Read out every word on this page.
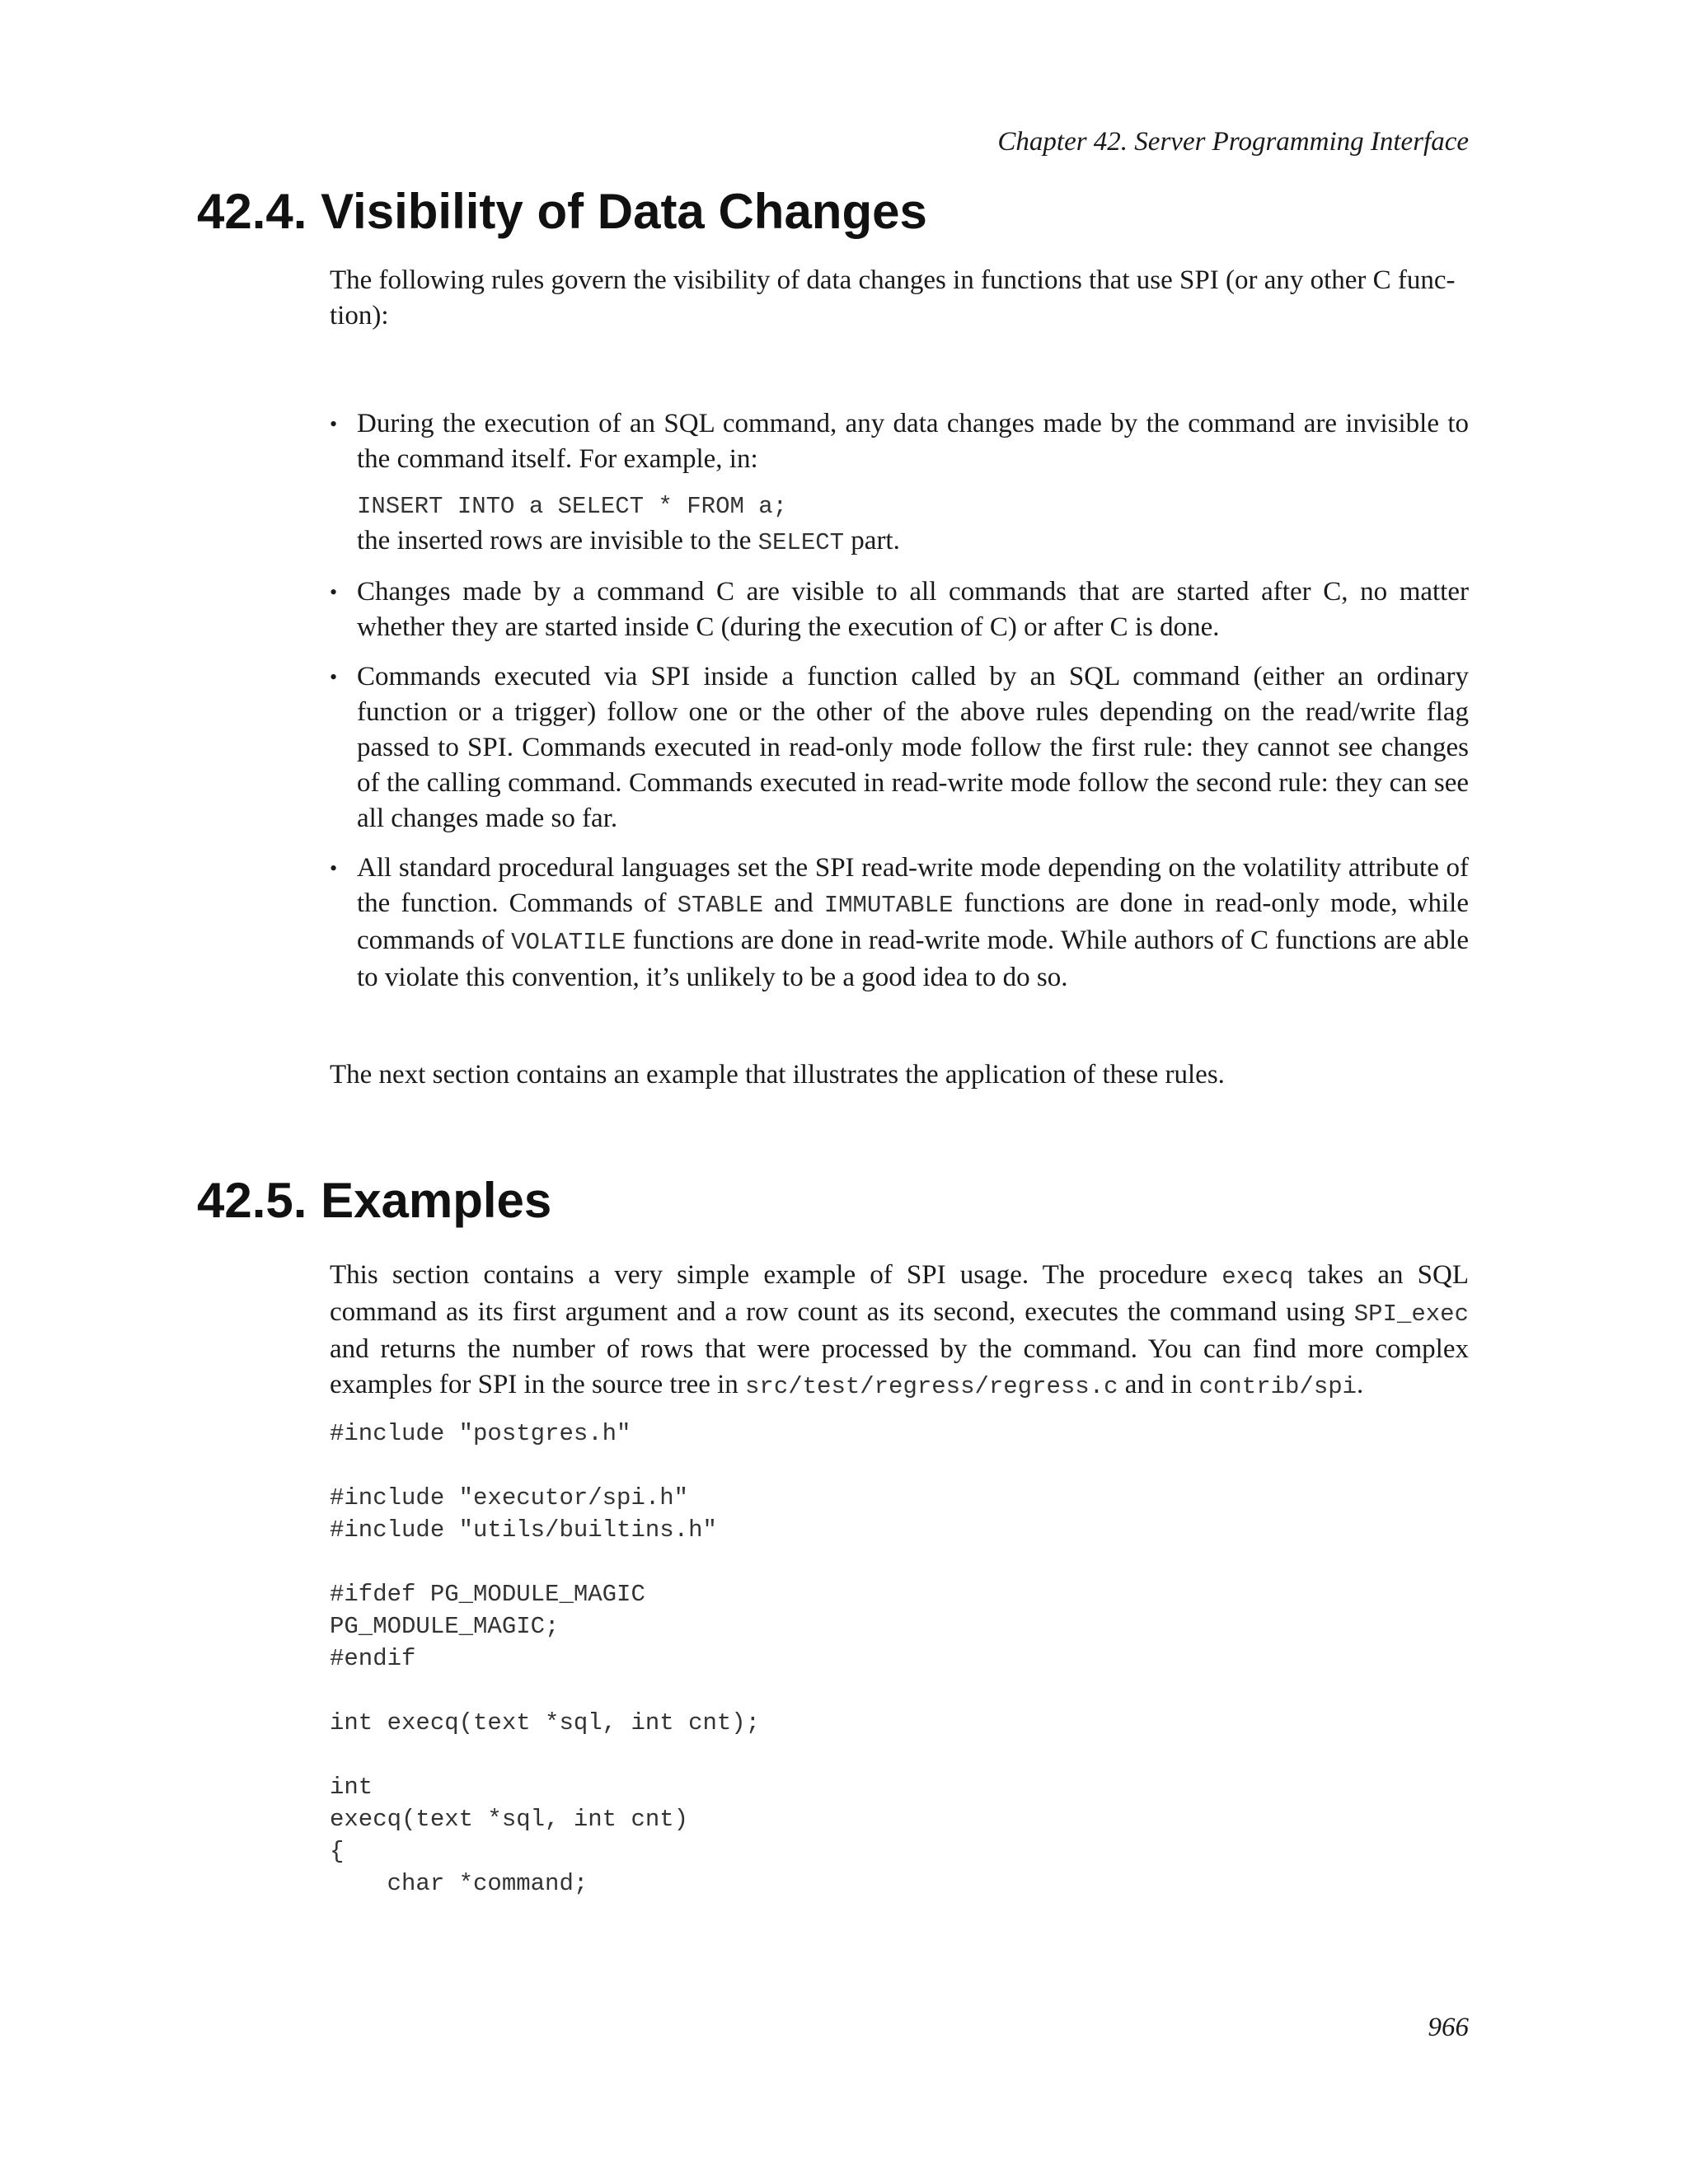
Chapter 42. Server Programming Interface
42.4. Visibility of Data Changes

The following rules govern the visibility of data changes in functions that use SPI (or any other C func-
tion):

• During the execution of an SQL command, any data changes made by the command are invisible to the command itself. For example, in:
INSERT INTO a SELECT * FROM a;
the inserted rows are invisible to the SELECT part.
• Changes made by a command C are visible to all commands that are started after C, no matter whether they are started inside C (during the execution of C) or after C is done.
• Commands executed via SPI inside a function called by an SQL command (either an ordinary function or a trigger) follow one or the other of the above rules depending on the read/write flag passed to SPI. Commands executed in read-only mode follow the first rule: they cannot see changes of the calling command. Commands executed in read-write mode follow the second rule: they can see all changes made so far.
• All standard procedural languages set the SPI read-write mode depending on the volatility attribute of the function. Commands of STABLE and IMMUTABLE functions are done in read-only mode, while commands of VOLATILE functions are done in read-write mode. While authors of C functions are able to violate this convention, it’s unlikely to be a good idea to do so.

The next section contains an example that illustrates the application of these rules.

42.5. Examples

This section contains a very simple example of SPI usage. The procedure execq takes an SQL command as its first argument and a row count as its second, executes the command using SPI_exec and returns the number of rows that were processed by the command. You can find more complex examples for SPI in the source tree in src/test/regress/regress.c and in contrib/spi.

#include "postgres.h"

#include "executor/spi.h"
#include "utils/builtins.h"

#ifdef PG_MODULE_MAGIC
PG_MODULE_MAGIC;
#endif

int execq(text *sql, int cnt);

int
execq(text *sql, int cnt)
{
char *command;
966
